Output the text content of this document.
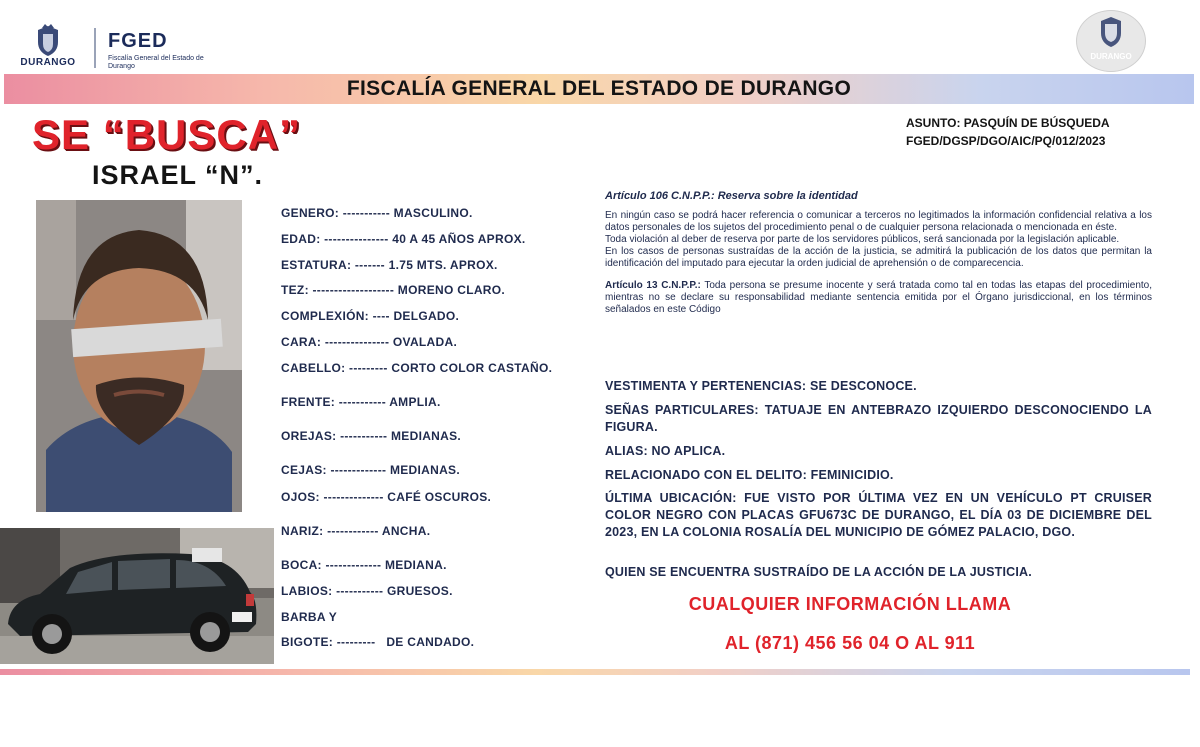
DURANGO
FGED
Fiscalía General del Estado de Durango
DURANGO
FISCALÍA GENERAL DEL ESTADO DE DURANGO
SE “BUSCA”
ISRAEL “N”.
ASUNTO: PASQUÍN DE BÚSQUEDA
FGED/DGSP/DGO/AIC/PQ/012/2023
GENERO: ----------- MASCULINO.
EDAD: --------------- 40 A 45 AÑOS APROX.
ESTATURA: ------- 1.75 MTS. APROX.
TEZ: ------------------- MORENO CLARO.
COMPLEXIÓN: ---- DELGADO.
CARA: --------------- OVALADA.
CABELLO: --------- CORTO COLOR CASTAÑO.
FRENTE: ----------- AMPLIA.
OREJAS: ----------- MEDIANAS.
CEJAS: ------------- MEDIANAS.
OJOS: -------------- CAFÉ OSCUROS.
NARIZ: ------------ ANCHA.
BOCA: ------------- MEDIANA.
LABIOS: ----------- GRUESOS.
BARBA Y
BIGOTE: --------- DE CANDADO.

Artículo 106 C.N.P.P.: Reserva sobre la identidad

En ningún caso se podrá hacer referencia o comunicar a terceros no legitimados la información confidencial relativa a los datos personales de los sujetos del procedimiento penal o de cualquier persona relacionada o mencionada en éste.

Toda violación al deber de reserva por parte de los servidores públicos, será sancionada por la legislación aplicable.

En los casos de personas sustraídas de la acción de la justicia, se admitirá la publicación de los datos que permitan la identificación del imputado para ejecutar la orden judicial de aprehensión o de comparecencia.

Artículo 13 C.N.P.P.: Toda persona se presume inocente y será tratada como tal en todas las etapas del procedimiento, mientras no se declare su responsabilidad mediante sentencia emitida por el Órgano jurisdiccional, en los términos señalados en este Código

VESTIMENTA Y PERTENENCIAS: SE DESCONOCE.
SEÑAS PARTICULARES: TATUAJE EN ANTEBRAZO IZQUIERDO DESCONOCIENDO LA FIGURA.
ALIAS: NO APLICA.
RELACIONADO CON EL DELITO: FEMINICIDIO.
ÚLTIMA UBICACIÓN: FUE VISTO POR ÚLTIMA VEZ EN UN VEHÍCULO PT CRUISER COLOR NEGRO CON PLACAS GFU673C DE DURANGO, EL DÍA 03 DE DICIEMBRE DEL 2023, EN LA COLONIA ROSALÍA DEL MUNICIPIO DE GÓMEZ PALACIO, DGO.
QUIEN SE ENCUENTRA SUSTRAÍDO DE LA ACCIÓN DE LA JUSTICIA.
CUALQUIER INFORMACIÓN LLAMA
AL (871) 456 56 04 O AL 911
